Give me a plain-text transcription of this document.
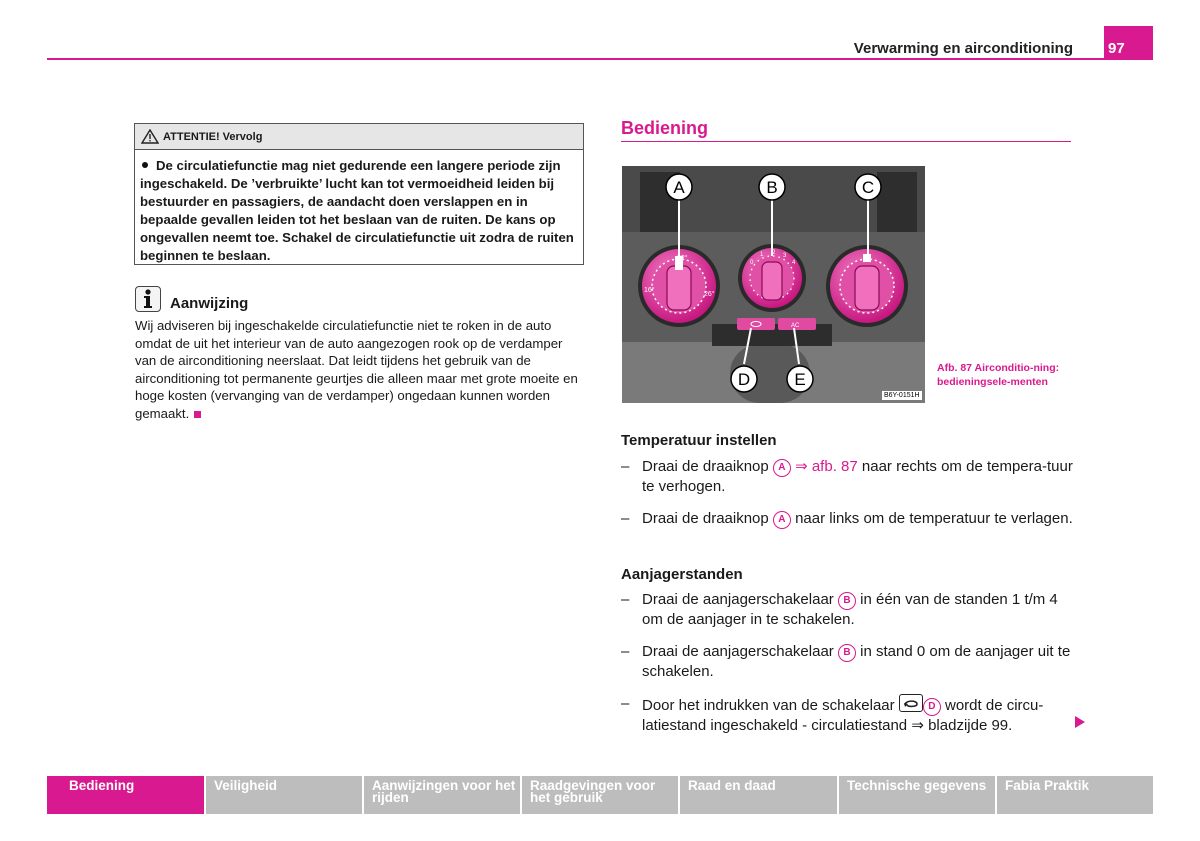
Verwarming en airconditioning 97
ATTENTIE! Vervolg
De circulatiefunctie mag niet gedurende een langere periode zijn ingeschakeld. De ’verbruikte’ lucht kan tot vermoeidheid leiden bij bestuurder en passagiers, de aandacht doen verslappen en in bepaalde gevallen leiden tot het beslaan van de ruiten. De kans op ongevallen neemt toe. Schakel de circulatiefunctie uit zodra de ruiten beginnen te beslaan.
Aanwijzing
Wij adviseren bij ingeschakelde circulatiefunctie niet te roken in de auto omdat de uit het interieur van de auto aangezogen rook op de verdamper van de airconditioning neerslaat. Dat leidt tijdens het gebruik van de airconditioning tot permanente geurtjes die alleen maar met grote moeite en hoge kosten (vervanging van de verdamper) ongedaan kunnen worden gemaakt.
Bediening
22°
16°
26°
0
1 2 3
4
AC
A	B	C
D	E
B6Y-0151H
Afb. 87 Airconditio-ning: bedieningsele-menten
Temperatuur instellen
– Draai de draaiknop A ⇒ afb. 87 naar rechts om de tempera-tuur te verhogen.
– Draai de draaiknop A naar links om de temperatuur te verlagen.
Aanjagerstanden
– Draai de aanjagerschakelaar B in één van de standen 1 t/m 4 om de aanjager in te schakelen.
– Draai de aanjagerschakelaar B in stand 0 om de aanjager uit te schakelen.
– Door het indrukken van de schakelaar	D wordt de circu-latiestand ingeschakeld - circulatiestand ⇒ bladzijde 99.
Bediening	Veiligheid	Aanwijzingen voor het rijden
Raadgevingen voor het gebruik
Raad en daad	Technische gegevens	Fabia Praktik
